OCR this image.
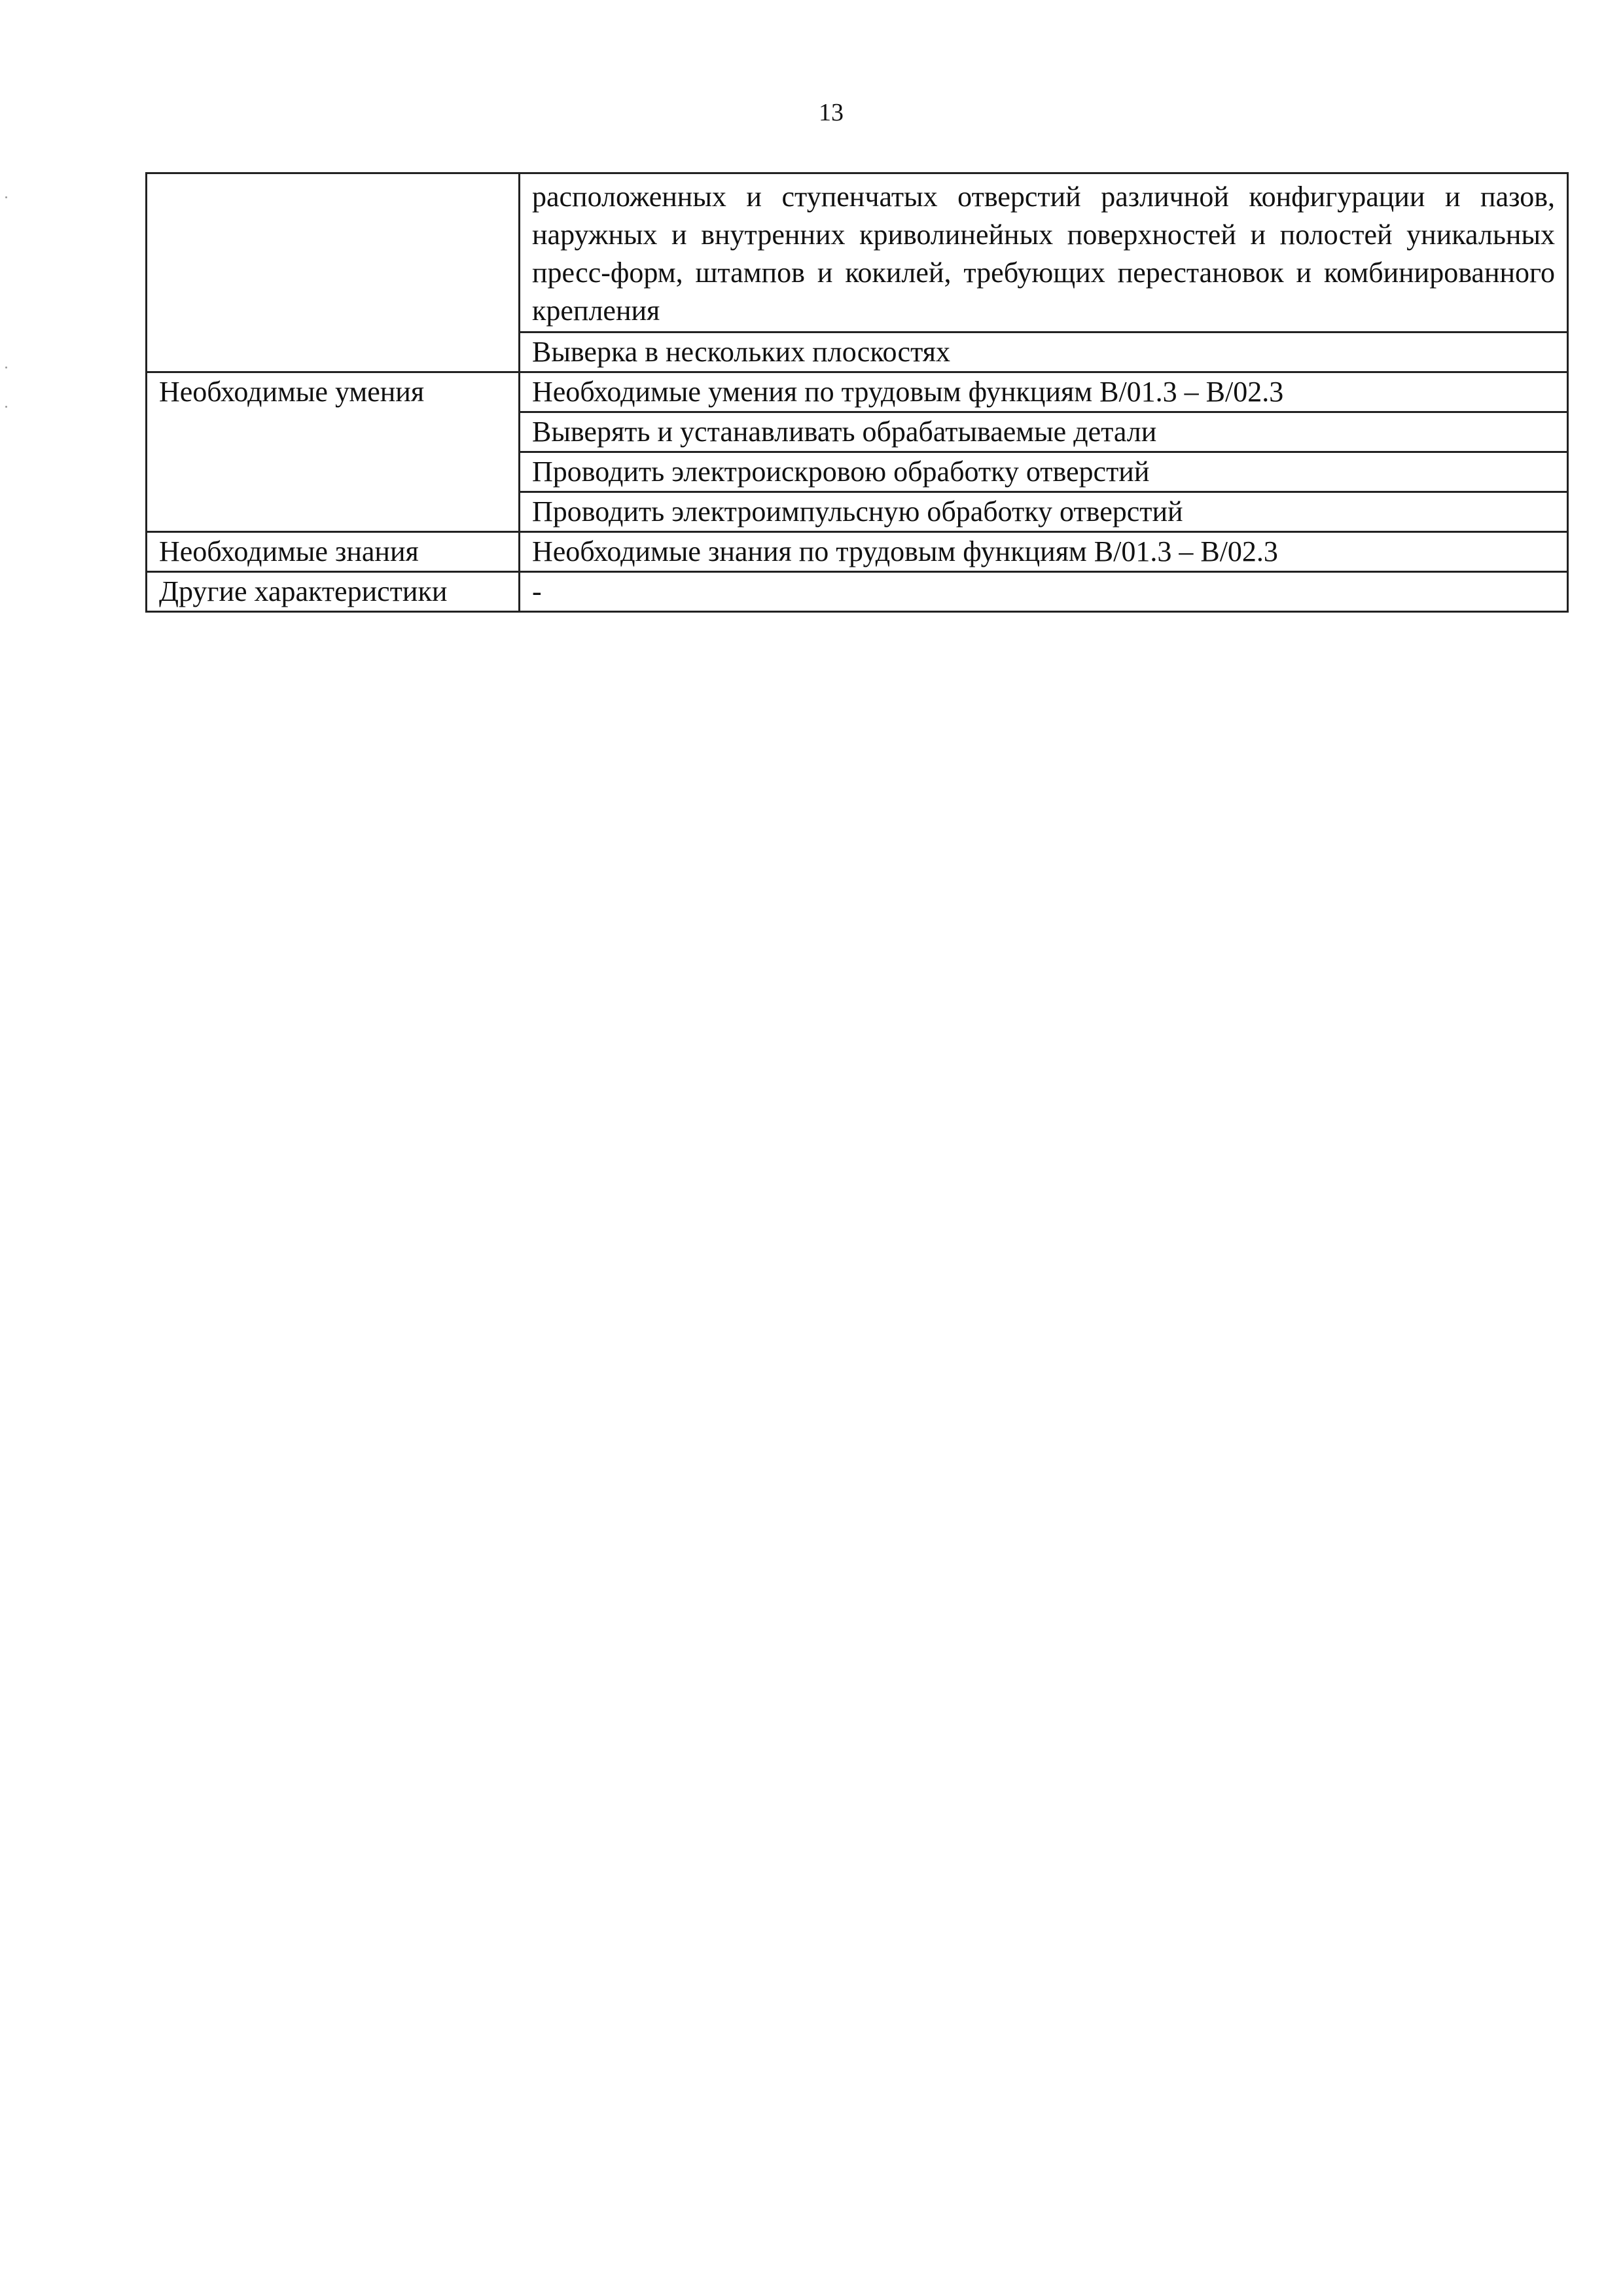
13
	расположенных и ступенчатых отверстий различной конфигурации и пазов, наружных и внутренних криволинейных поверхностей и полостей уникальных пресс-форм, штампов и кокилей, требующих перестановок и комбинированного крепления
	Выверка в нескольких плоскостях
Необходимые умения	Необходимые умения по трудовым функциям B/01.3 – B/02.3
	Выверять и устанавливать обрабатываемые детали
	Проводить электроискровою обработку отверстий
	Проводить электроимпульсную обработку отверстий
Необходимые знания	Необходимые знания по трудовым функциям B/01.3 – B/02.3
Другие характеристики	-
